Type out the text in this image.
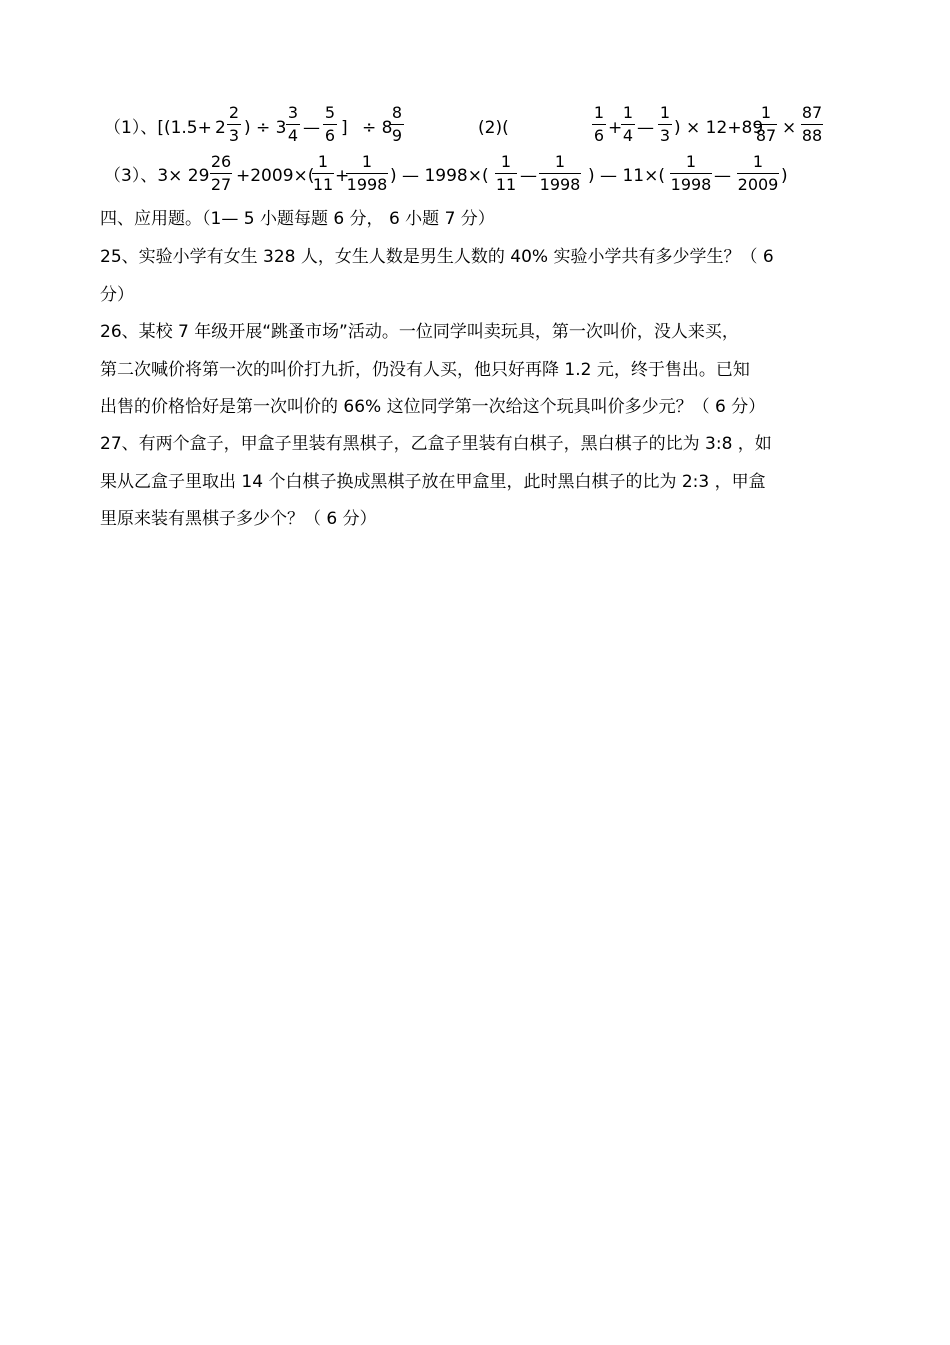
（1）、[(1.5+ 2
2
3 ) ÷ 3
3
4 —
5
6 ] ÷ 8
8
9	(2)(
1
6 +
1
4 —
1
3 ) × 12+89
1
87 ×
87
88
（3）、3× 29
26
27 +2009×(
1
11 +
1
1998 ) — 1998×(
1
11 —
1
1998 ) — 11×(
1
1998 —
1
2009 )
四、应用题。（1— 5 小题每题 6 分， 6 小题 7 分）
25、实验小学有女生 328 人，女生人数是男生人数的 40% 实验小学共有多少学生？（ 6
分）
26、某校 7 年级开展“跳蚤市场”活动。一位同学叫卖玩具，第一次叫价，没人来买，
第二次喊价将第一次的叫价打九折，仍没有人买，他只好再降 1.2 元，终于售出。已知
出售的价格恰好是第一次叫价的 66% 这位同学第一次给这个玩具叫价多少元？（ 6 分）
27、有两个盒子，甲盒子里装有黑棋子，乙盒子里装有白棋子，黑白棋子的比为 3:8 ，如
果从乙盒子里取出 14 个白棋子换成黑棋子放在甲盒里，此时黑白棋子的比为 2:3 ，甲盒
里原来装有黑棋子多少个？（ 6 分）
